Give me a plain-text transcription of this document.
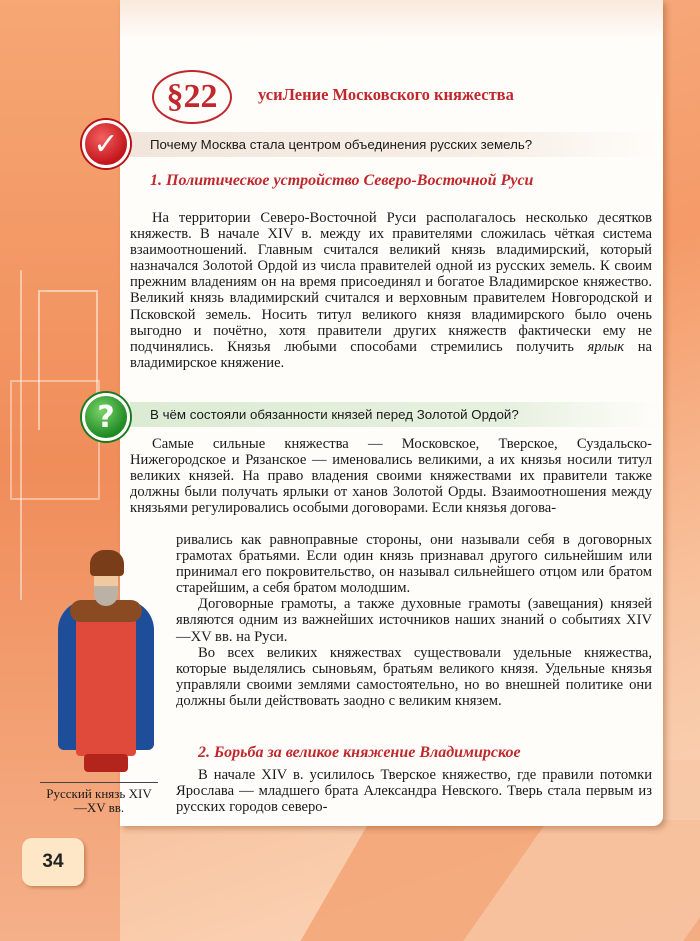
§22	усиЛение Московского княжества
Почему Москва стала центром объединения русских земель?
✓
1. Политическое устройство Северо-Восточной Руси

На территории Северо-Восточной Руси располагалось несколько десятков княжеств. В начале XIV в. между их правителями сложилась чёткая система взаимоотношений. Главным считался великий князь владимирский, который назначался Золотой Ордой из числа правителей одной из русских земель. К своим прежним владениям он на время присоединял и богатое Владимирское княжество. Великий князь владимирский считался и верховным правителем Новгородской и Псковской земель. Носить титул великого князя владимирского было очень выгодно и почётно, хотя правители других княжеств фактически ему не подчинялись. Князья любыми способами стремились получить ярлык на владимирское княжение.

В чём состояли обязанности князей перед Золотой Ордой?
?

Самые сильные княжества — Московское, Тверское, Суздальско-Нижегородское и Рязанское — именовались великими, а их князья носили титул великих князей. На право владения своими княжествами их правители также должны были получать ярлыки от ханов Золотой Орды. Взаимоотношения между князьями регулировались особыми договорами. Если князья догова-

ривались как равноправные стороны, они называли себя в договорных грамотах братьями. Если один князь признавал другого сильнейшим или принимал его покровительство, он называл сильнейшего отцом или братом старейшим, а себя братом молодшим.

Договорные грамоты, а также духовные грамоты (завещания) князей являются одним из важнейших источников наших знаний о событиях XIV—XV вв. на Руси.

Во всех великих княжествах существовали удельные княжества, которые выделялись сыновьям, братьям великого князя. Удельные князья управляли своими землями самостоятельно, но во внешней политике они должны были действовать заодно с великим князем.

2. Борьба за великое княжение Владимирское

В начале XIV в. усилилось Тверское княжество, где правили потомки Ярослава — младшего брата Александра Невского. Тверь стала первым из русских городов северо-

Русский князь XIV—XV вв.
34
